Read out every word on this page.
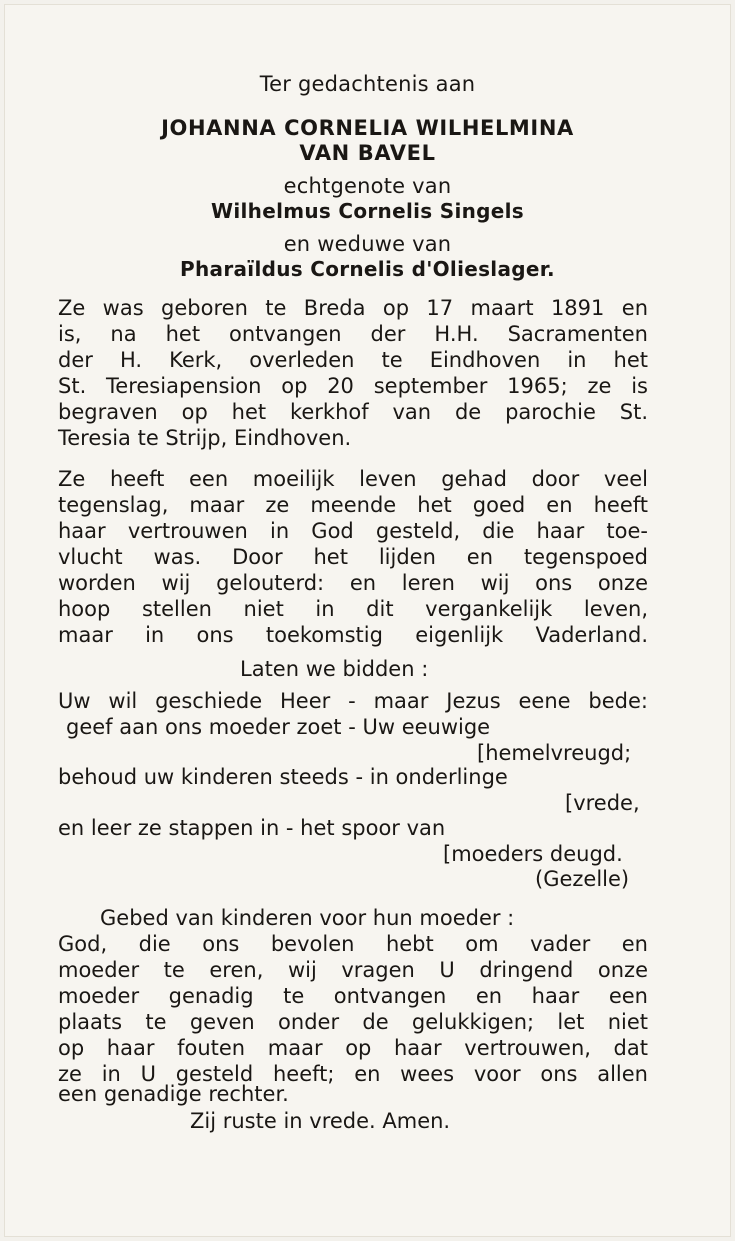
Ter gedachtenis aan
JOHANNA CORNELIA WILHELMINA
VAN BAVEL
echtgenote van
Wilhelmus Cornelis Singels
en weduwe van
Pharaïldus Cornelis d'Olieslager.
Ze was geboren te Breda op 17 maart 1891 en
is, na het ontvangen der H.H. Sacramenten
der H. Kerk, overleden te Eindhoven in het
St. Teresiapension op 20 september 1965; ze is
begraven op het kerkhof van de parochie St.
Teresia te Strijp, Eindhoven.
Ze heeft een moeilijk leven gehad door veel
tegenslag, maar ze meende het goed en heeft
haar vertrouwen in God gesteld, die haar toe-
vlucht was. Door het lijden en tegenspoed
worden wij gelouterd: en leren wij ons onze
hoop stellen niet in dit vergankelijk leven,
maar in ons toekomstig eigenlijk Vaderland.
Laten we bidden :
Uw wil geschiede Heer - maar Jezus eene bede:
geef aan ons moeder zoet - Uw eeuwige
[hemelvreugd;
behoud uw kinderen steeds - in onderlinge
[vrede,
en leer ze stappen in - het spoor van
[moeders deugd.
(Gezelle)
Gebed van kinderen voor hun moeder :
God, die ons bevolen hebt om vader en
moeder te eren, wij vragen U dringend onze
moeder genadig te ontvangen en haar een
plaats te geven onder de gelukkigen; let niet
op haar fouten maar op haar vertrouwen, dat
ze in U gesteld heeft; en wees voor ons allen
een genadige rechter.
Zij ruste in vrede. Amen.
